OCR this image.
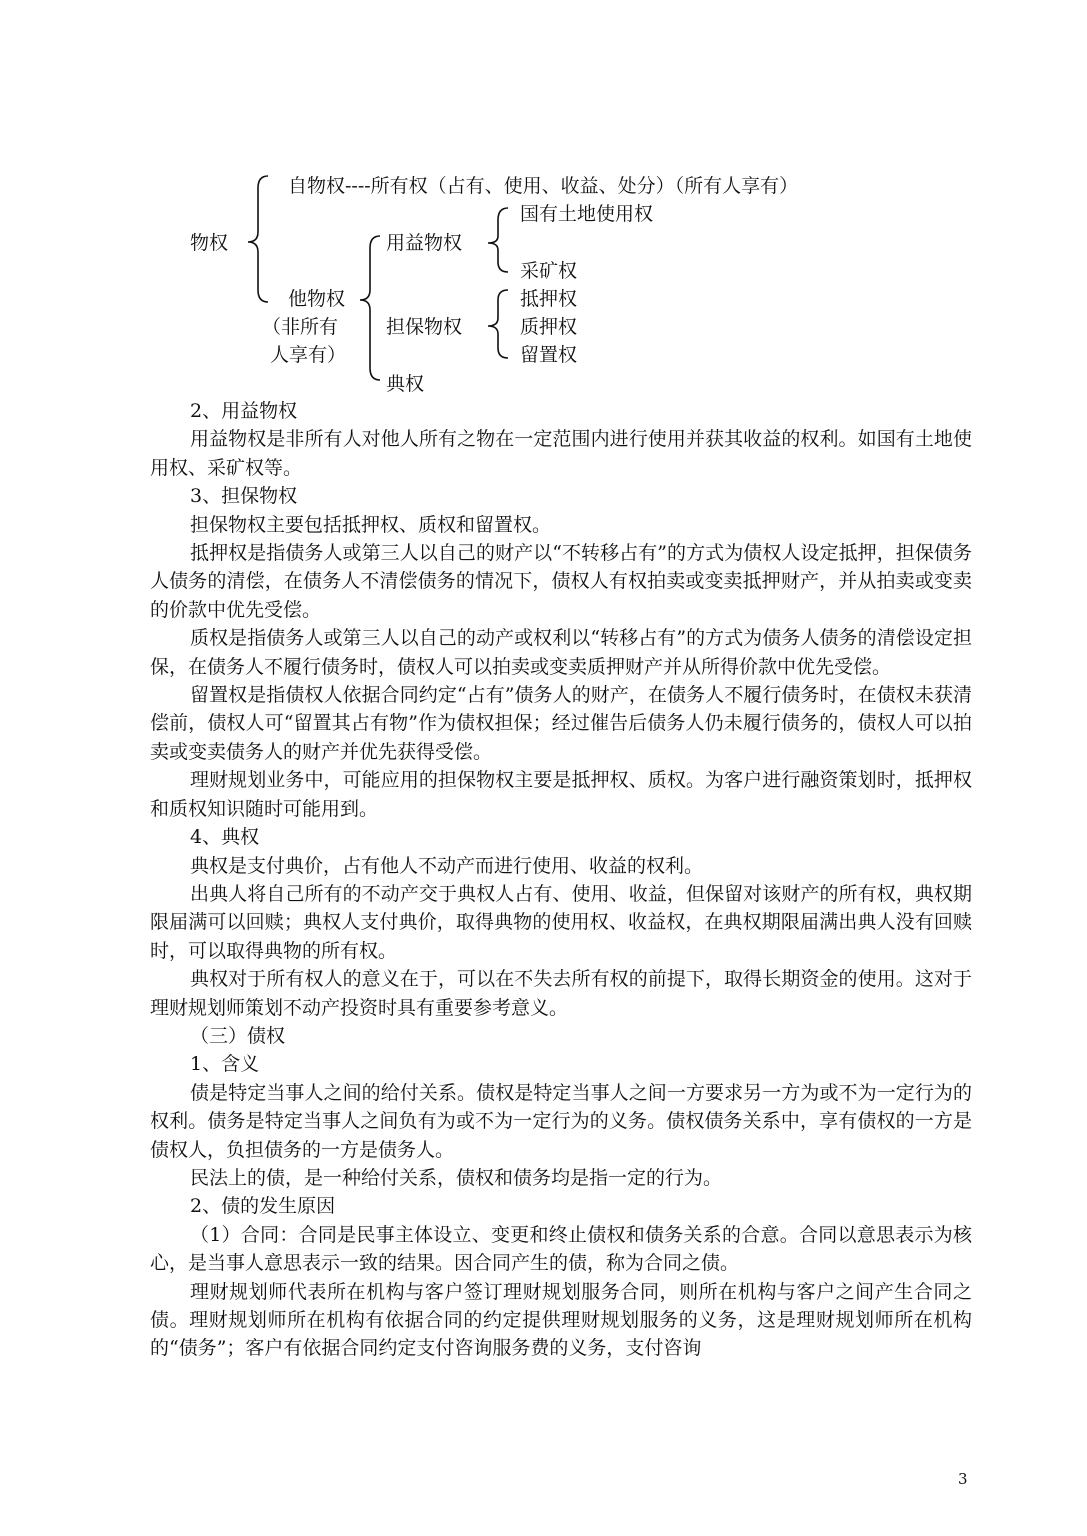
物权
自物权----所有权（占有、使用、收益、处分）（所有人享有）
他物权
（非所有
人享有）
用益物权
国有土地使用权
采矿权
担保物权
抵押权
质押权
留置权
典权

2、用益物权

用益物权是非所有人对他人所有之物在一定范围内进行使用并获其收益的权利。如国有土地使用权、采矿权等。

3、担保物权

担保物权主要包括抵押权、质权和留置权。

抵押权是指债务人或第三人以自己的财产以“不转移占有”的方式为债权人设定抵押，担保债务人债务的清偿，在债务人不清偿债务的情况下，债权人有权拍卖或变卖抵押财产，并从拍卖或变卖的价款中优先受偿。

质权是指债务人或第三人以自己的动产或权利以“转移占有”的方式为债务人债务的清偿设定担保，在债务人不履行债务时，债权人可以拍卖或变卖质押财产并从所得价款中优先受偿。

留置权是指债权人依据合同约定“占有”债务人的财产，在债务人不履行债务时，在债权未获清偿前，债权人可“留置其占有物”作为债权担保；经过催告后债务人仍未履行债务的，债权人可以拍卖或变卖债务人的财产并优先获得受偿。

理财规划业务中，可能应用的担保物权主要是抵押权、质权。为客户进行融资策划时，抵押权和质权知识随时可能用到。

4、典权

典权是支付典价，占有他人不动产而进行使用、收益的权利。

出典人将自己所有的不动产交于典权人占有、使用、收益，但保留对该财产的所有权，典权期限届满可以回赎；典权人支付典价，取得典物的使用权、收益权，在典权期限届满出典人没有回赎时，可以取得典物的所有权。

典权对于所有权人的意义在于，可以在不失去所有权的前提下，取得长期资金的使用。这对于理财规划师策划不动产投资时具有重要参考意义。

（三）债权

1、含义

债是特定当事人之间的给付关系。债权是特定当事人之间一方要求另一方为或不为一定行为的权利。债务是特定当事人之间负有为或不为一定行为的义务。债权债务关系中，享有债权的一方是债权人，负担债务的一方是债务人。

民法上的债，是一种给付关系，债权和债务均是指一定的行为。

2、债的发生原因

（1）合同：合同是民事主体设立、变更和终止债权和债务关系的合意。合同以意思表示为核心，是当事人意思表示一致的结果。因合同产生的债，称为合同之债。

理财规划师代表所在机构与客户签订理财规划服务合同，则所在机构与客户之间产生合同之债。理财规划师所在机构有依据合同的约定提供理财规划服务的义务，这是理财规划师所在机构的“债务”；客户有依据合同约定支付咨询服务费的义务，支付咨询

3
